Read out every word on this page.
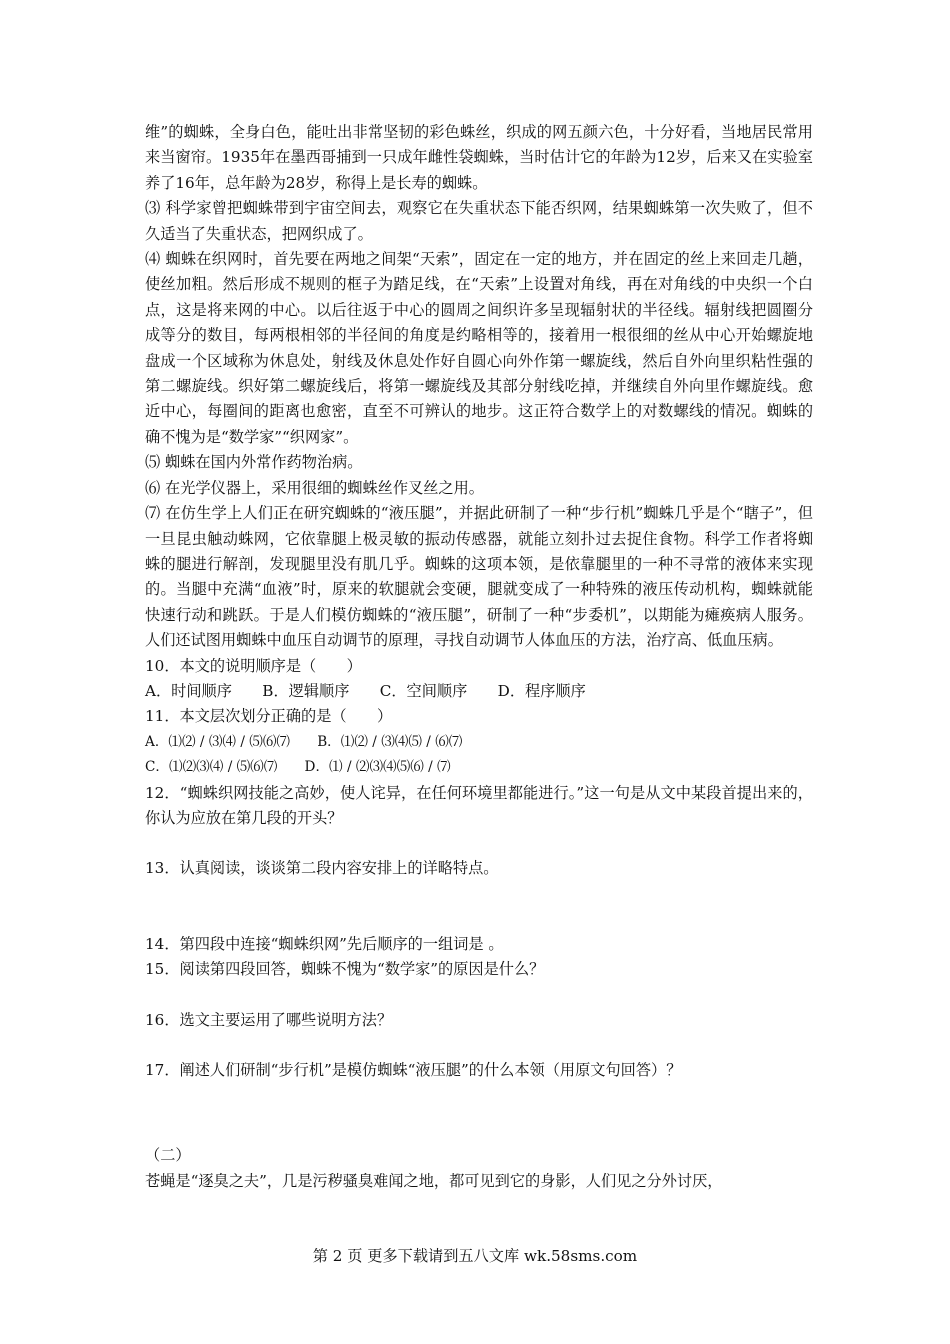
维”的蜘蛛，全身白色，能吐出非常坚韧的彩色蛛丝，织成的网五颜六色，十分好看，当地居民常用来当窗帘。1935年在墨西哥捕到一只成年雌性袋蜘蛛，当时估计它的年龄为12岁，后来又在实验室养了16年，总年龄为28岁，称得上是长寿的蜘蛛。

⑶ 科学家曾把蜘蛛带到宇宙空间去，观察它在失重状态下能否织网，结果蜘蛛第一次失败了，但不久适当了失重状态，把网织成了。

⑷ 蜘蛛在织网时，首先要在两地之间架“天索”，固定在一定的地方，并在固定的丝上来回走几趟，使丝加粗。然后形成不规则的框子为踏足线，在“天索”上设置对角线，再在对角线的中央织一个白点，这是将来网的中心。以后往返于中心的圆周之间织许多呈现辐射状的半径线。辐射线把圆圈分成等分的数目，每两根相邻的半径间的角度是约略相等的，接着用一根很细的丝从中心开始螺旋地盘成一个区域称为休息处，射线及休息处作好自圆心向外作第一螺旋线，然后自外向里织粘性强的第二螺旋线。织好第二螺旋线后，将第一螺旋线及其部分射线吃掉，并继续自外向里作螺旋线。愈近中心，每圈间的距离也愈密，直至不可辨认的地步。这正符合数学上的对数螺线的情况。蜘蛛的确不愧为是“数学家”“织网家”。

⑸ 蜘蛛在国内外常作药物治病。

⑹ 在光学仪器上，采用很细的蜘蛛丝作叉丝之用。

⑺ 在仿生学上人们正在研究蜘蛛的“液压腿”，并据此研制了一种“步行机”蜘蛛几乎是个“瞎子”，但一旦昆虫触动蛛网，它依靠腿上极灵敏的振动传感器，就能立刻扑过去捉住食物。科学工作者将蜘蛛的腿进行解剖，发现腿里没有肌几乎。蜘蛛的这项本领，是依靠腿里的一种不寻常的液体来实现的。当腿中充满“血液”时，原来的软腿就会变硬，腿就变成了一种特殊的液压传动机构，蜘蛛就能快速行动和跳跃。于是人们模仿蜘蛛的“液压腿”，研制了一种“步委机”，以期能为瘫痪病人服务。人们还试图用蜘蛛中血压自动调节的原理，寻找自动调节人体血压的方法，治疗高、低血压病。

10．本文的说明顺序是（　　）

A．时间顺序　　B．逻辑顺序　　C．空间顺序　　D．程序顺序

11．本文层次划分正确的是（　　）

A．⑴⑵ / ⑶⑷ / ⑸⑹⑺　　B．⑴⑵ / ⑶⑷⑸ / ⑹⑺

C．⑴⑵⑶⑷ / ⑸⑹⑺　　D．⑴ / ⑵⑶⑷⑸⑹ / ⑺

12．“蜘蛛织网技能之高妙，使人诧异，在任何环境里都能进行。”这一句是从文中某段首提出来的，你认为应放在第几段的开头？

13．认真阅读，谈谈第二段内容安排上的详略特点。

14．第四段中连接“蜘蛛织网”先后顺序的一组词是 。

15．阅读第四段回答，蜘蛛不愧为“数学家”的原因是什么？

16．选文主要运用了哪些说明方法？

17．阐述人们研制“步行机”是模仿蜘蛛“液压腿”的什么本领（用原文句回答）？

（二）

苍蝇是“逐臭之夫”，几是污秽骚臭难闻之地，都可见到它的身影，人们见之分外讨厌，

第 2 页 更多下载请到五八文库 wk.58sms.com
